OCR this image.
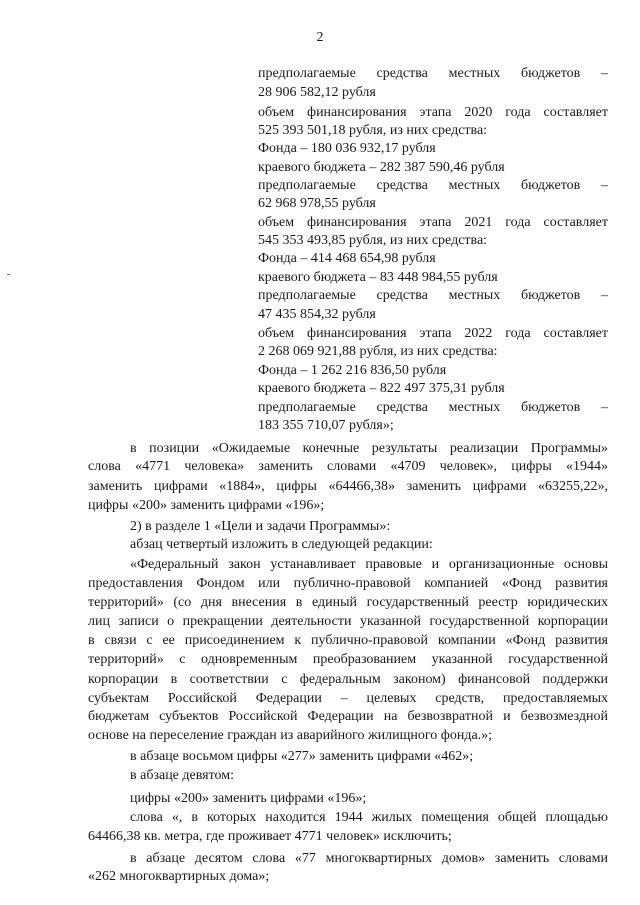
2
предполагаемые средства местных бюджетов –
28 906 582,12 рубля
объем финансирования этапа 2020 года составляет
525 393 501,18 рубля, из них средства:
Фонда – 180 036 932,17 рубля
краевого бюджета – 282 387 590,46 рубля
предполагаемые средства местных бюджетов –
62 968 978,55 рубля
объем финансирования этапа 2021 года составляет
545 353 493,85 рубля, из них средства:
Фонда – 414 468 654,98 рубля
краевого бюджета – 83 448 984,55 рубля
предполагаемые средства местных бюджетов –
47 435 854,32 рубля
объем финансирования этапа 2022 года составляет
2 268 069 921,88 рубля, из них средства:
Фонда – 1 262 216 836,50 рубля
краевого бюджета – 822 497 375,31 рубля
предполагаемые средства местных бюджетов –
183 355 710,07 рубля»;
в позиции «Ожидаемые конечные результаты реализации Программы»
слова «4771 человека» заменить словами «4709 человек», цифры «1944»
заменить цифрами «1884», цифры «64466,38» заменить цифрами «63255,22»,
цифры «200» заменить цифрами «196»;
2) в разделе 1 «Цели и задачи Программы»:
абзац четвертый изложить в следующей редакции:
«Федеральный закон устанавливает правовые и организационные основы
предоставления Фондом или публично-правовой компанией «Фонд развития
территорий» (со дня внесения в единый государственный реестр юридических
лиц записи о прекращении деятельности указанной государственной корпорации
в связи с ее присоединением к публично-правовой компании «Фонд развития
территорий» с одновременным преобразованием указанной государственной
корпорации в соответствии с федеральным законом) финансовой поддержки
субъектам Российской Федерации – целевых средств, предоставляемых
бюджетам субъектов Российской Федерации на безвозвратной и безвозмездной
основе на переселение граждан из аварийного жилищного фонда.»;
в абзаце восьмом цифры «277» заменить цифрами «462»;
в абзаце девятом:
цифры «200» заменить цифрами «196»;
слова «, в которых находится 1944 жилых помещения общей площадью
64466,38 кв. метра, где проживает 4771 человек» исключить;
в абзаце десятом слова «77 многоквартирных домов» заменить словами
«262 многоквартирных дома»;
